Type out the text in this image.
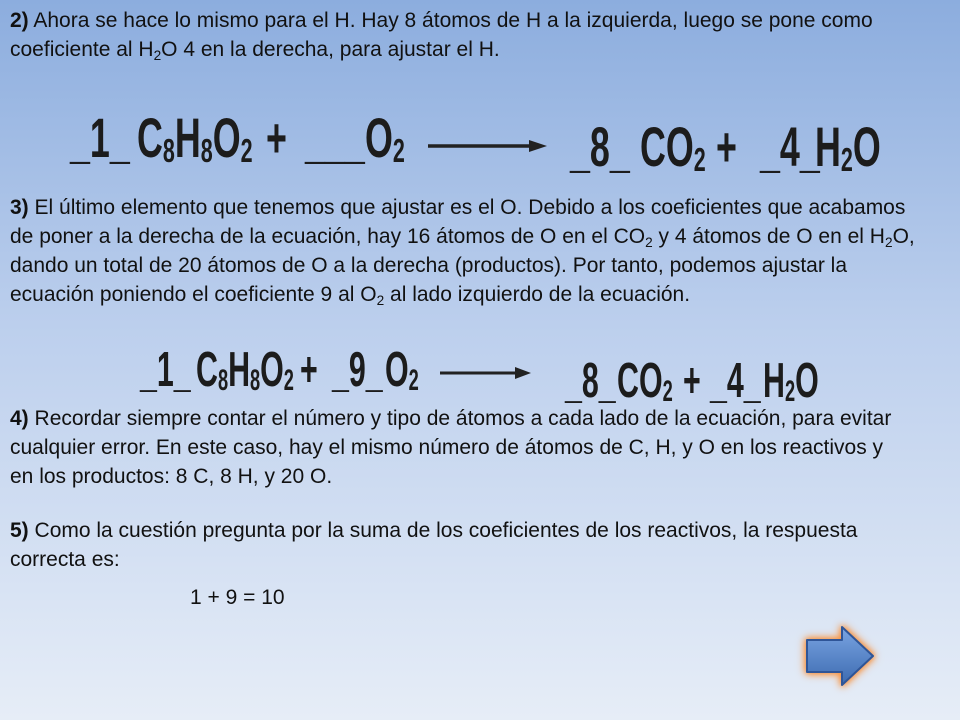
2) Ahora se hace lo mismo para el H. Hay 8 átomos de H a la izquierda, luego se pone como
coeficiente al $H_2O$ 4 en la derecha, para ajustar el H.
_1_ C8H8O2 + ___ O2	_8_ CO2 + _4_
H2O
3) El último elemento que tenemos que ajustar es el O. Debido a los coeficientes que acabamos
de poner a la derecha de la ecuación, hay 16 átomos de O en el $CO_2$ y 4 átomos de O en el $H_2O$,
dando un total de 20 átomos de O a la derecha (productos). Por tanto, podemos ajustar la
ecuación poniendo el coeficiente 9 al $O_2$ al lado izquierdo de la ecuación.
_1_ C8H8O2 + _9_ O2	_8_ CO2 + _4_ H2O
4) Recordar siempre contar el número y tipo de átomos a cada lado de la ecuación, para evitar
cualquier error. En este caso, hay el mismo número de átomos de C, H, y O en los reactivos y
en los productos: 8 C, 8 H, y 20 O.
5) Como la cuestión pregunta por la suma de los coeficientes de los reactivos, la respuesta
correcta es:
1 + 9 = 10
